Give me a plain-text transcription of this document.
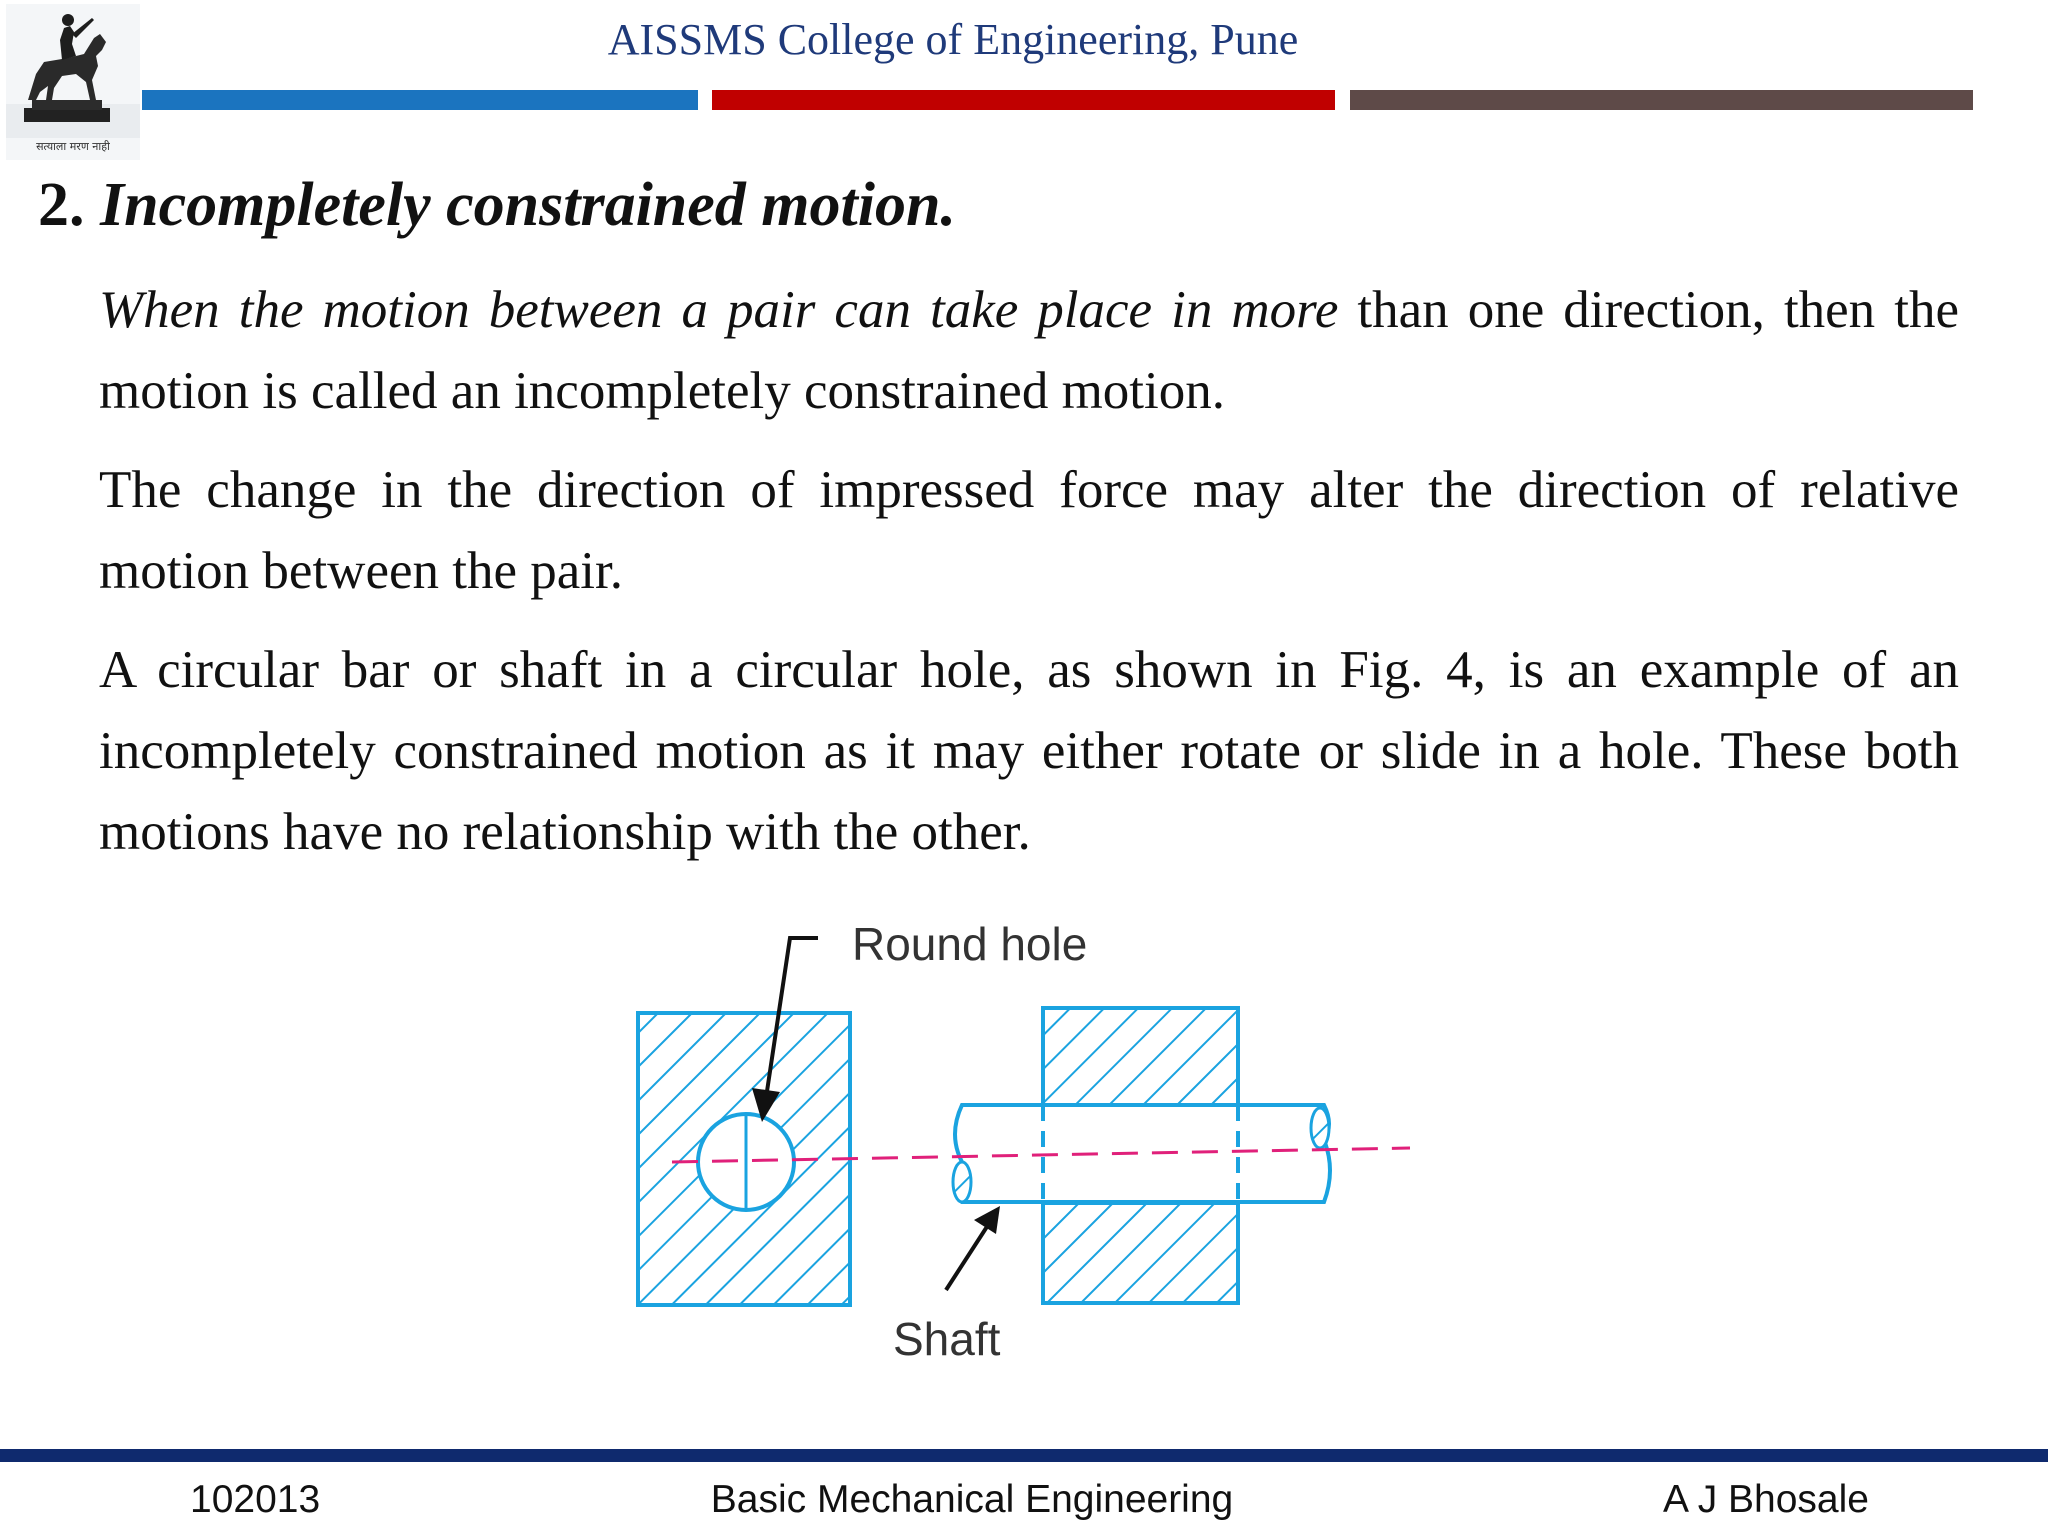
सत्याला मरण नाही
AISSMS College of Engineering, Pune
2. Incompletely constrained motion.
When the motion between a pair can take place in more than one direction, then the motion is called an incompletely constrained motion.
The change in the direction of impressed force may alter the direction of relative motion between the pair.
A circular bar or shaft in a circular hole, as shown in Fig. 4, is an example of an incompletely constrained motion as it may either rotate or slide in a hole. These both motions have no relationship with the other.
Round hole
Shaft
102013	Basic Mechanical Engineering	A J Bhosale
